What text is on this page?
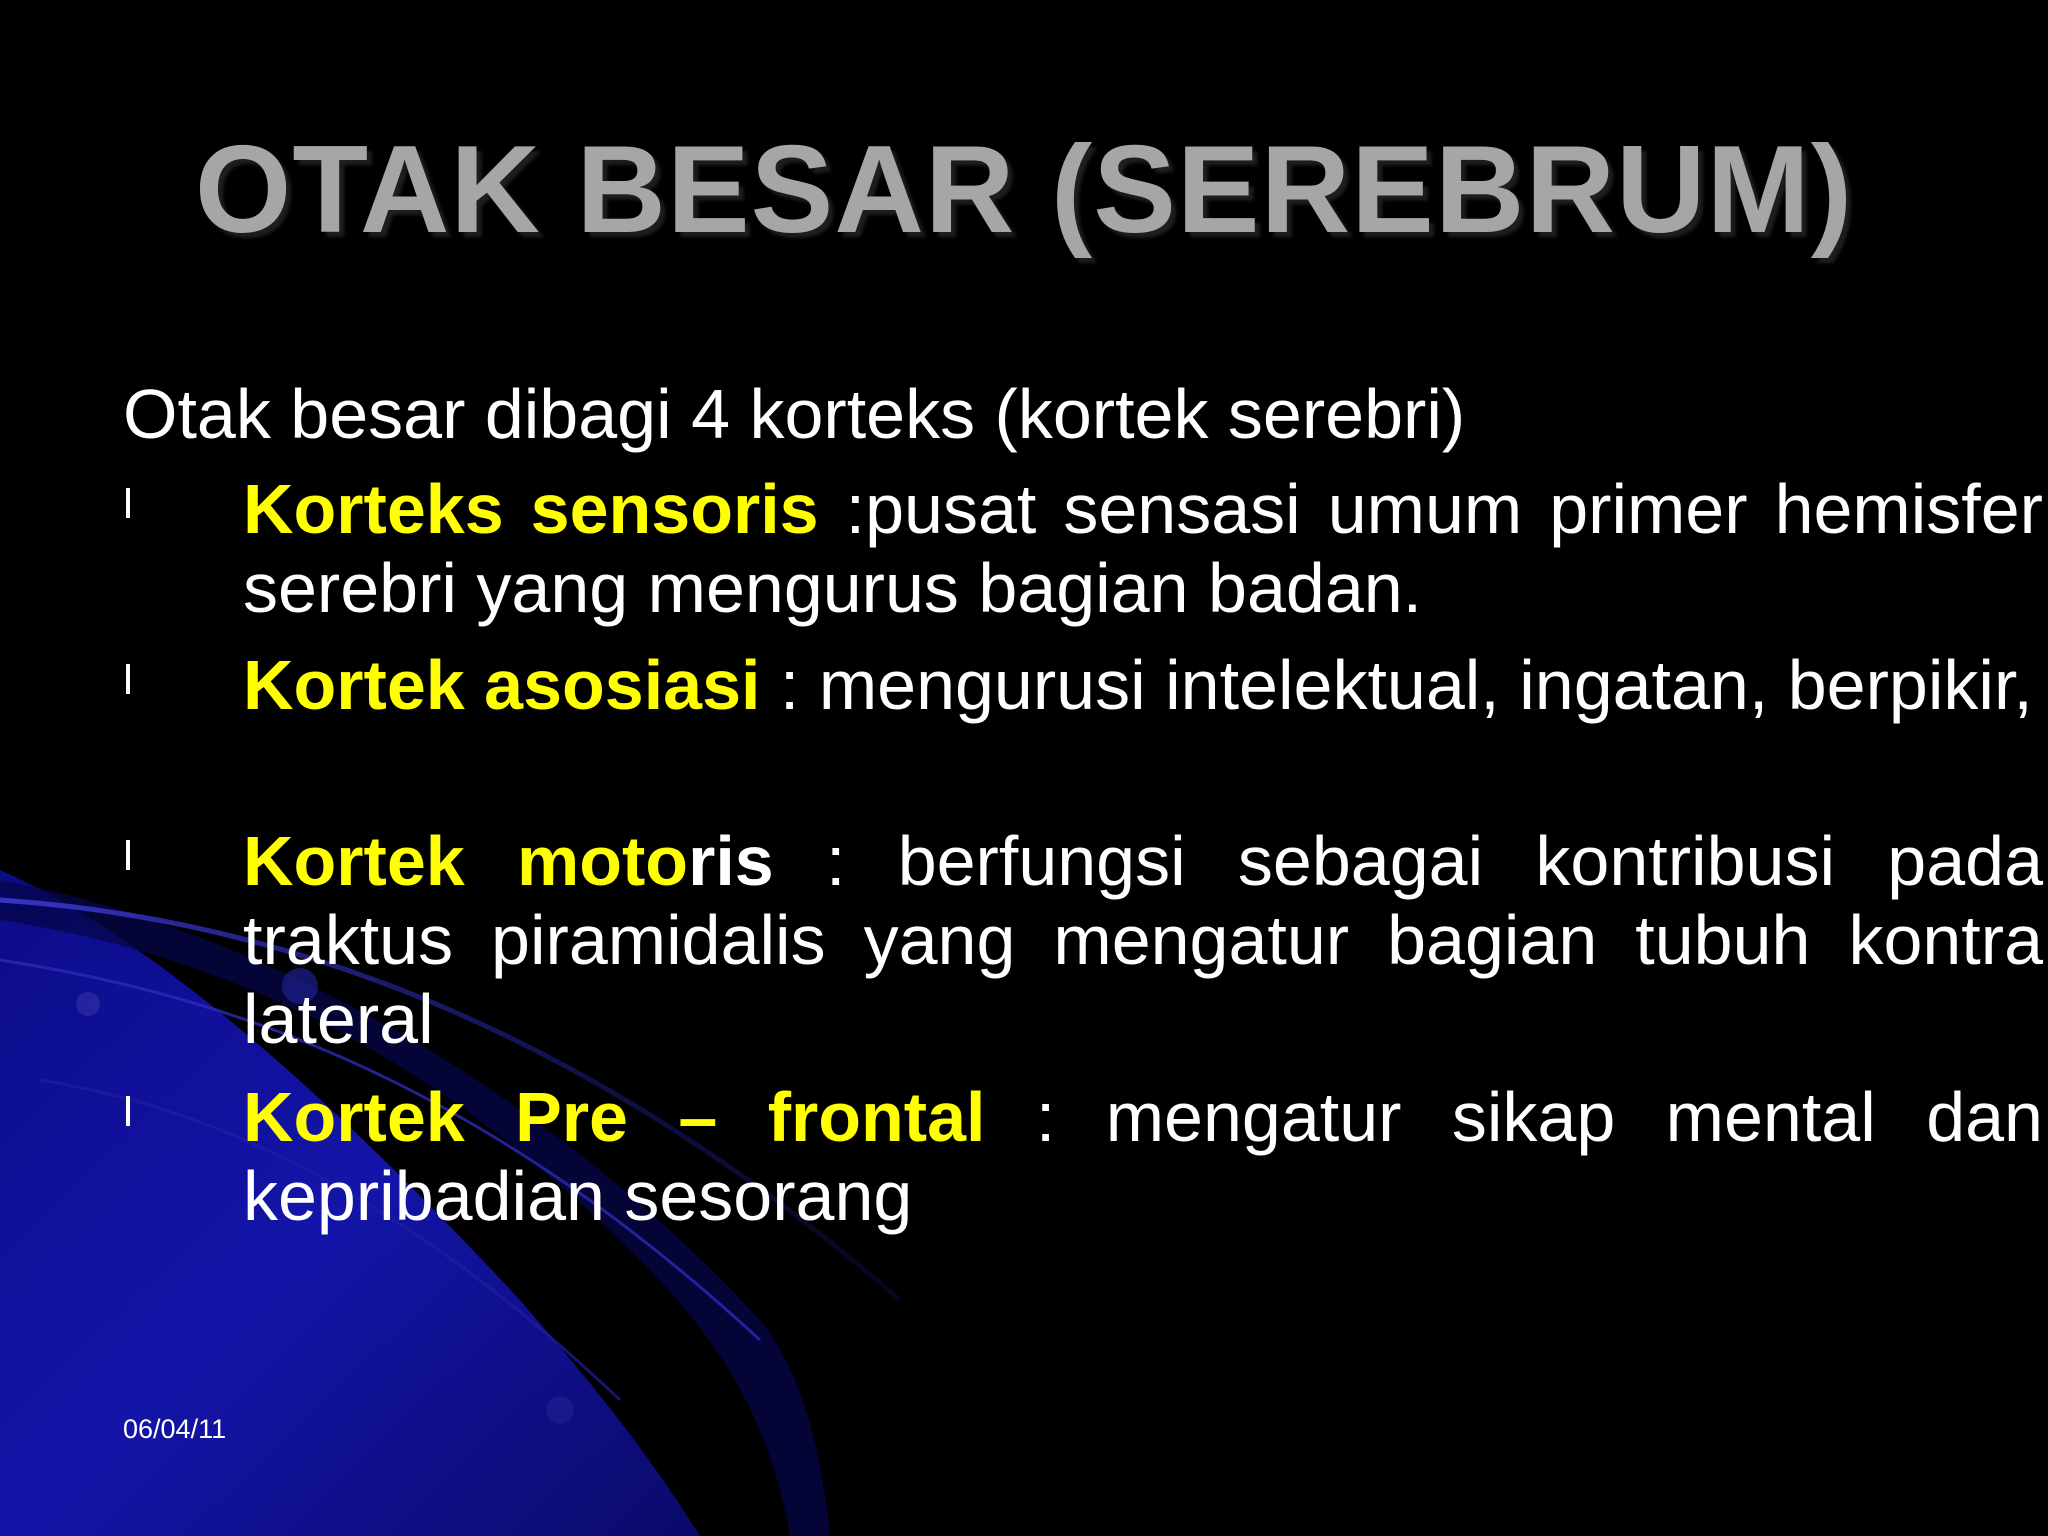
OTAK BESAR (SEREBRUM)
Otak besar dibagi 4 korteks (kortek serebri)
Korteks sensoris :pusat sensasi umum primer hemisfer serebri yang mengurus bagian badan.
Kortek asosiasi : mengurusi intelektual, ingatan, berpikir,
Kortek motoris : berfungsi sebagai kontribusi pada traktus piramidalis yang mengatur bagian tubuh kontra lateral
Kortek Pre – frontal : mengatur sikap mental dan kepribadian sesorang
06/04/11
